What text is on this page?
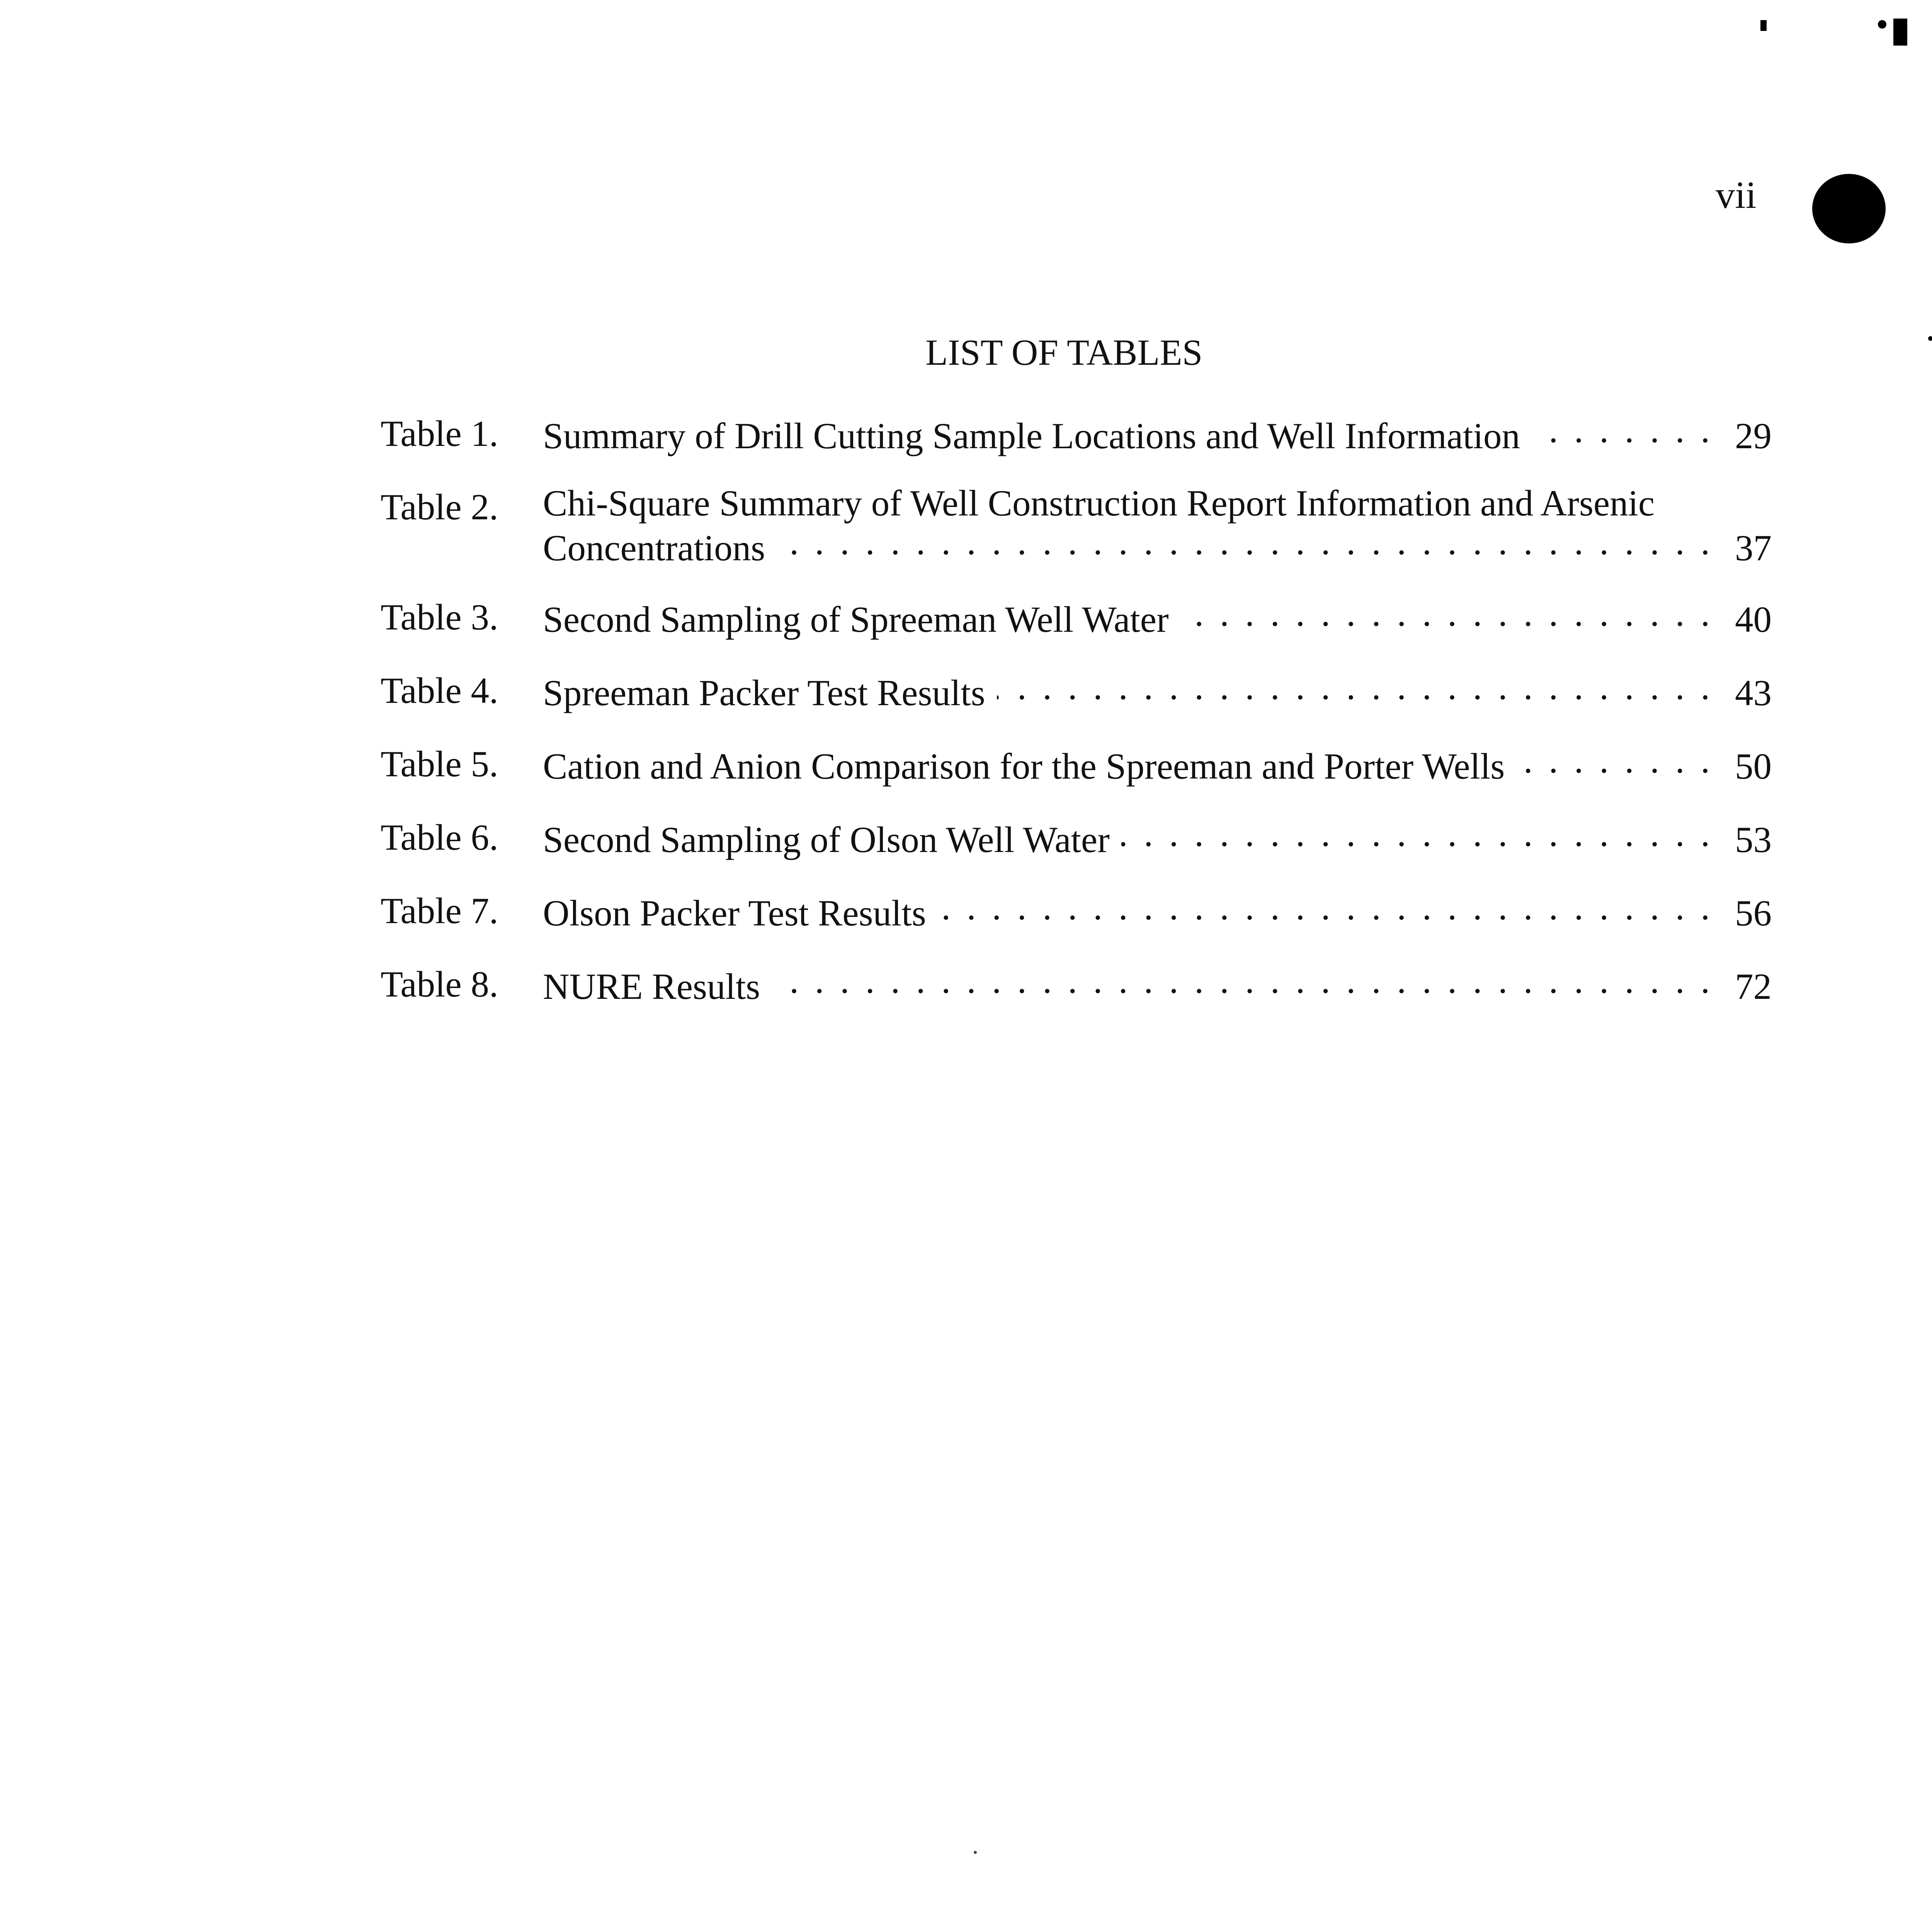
vii
LIST OF TABLES
Table 1. Summary of Drill Cutting Sample Locations and Well Information . . .	29
Table 2. Chi-Square Summary of Well Construction Report Information and Arsenic
Concentrations . . .	37
Table 3. Second Sampling of Spreeman Well Water . . .	40
Table 4. Spreeman Packer Test Results . . .	43
Table 5. Cation and Anion Comparison for the Spreeman and Porter Wells . . .	50
Table 6. Second Sampling of Olson Well Water . . .	53
Table 7. Olson Packer Test Results . . .	56
Table 8. NURE Results . . .	72
